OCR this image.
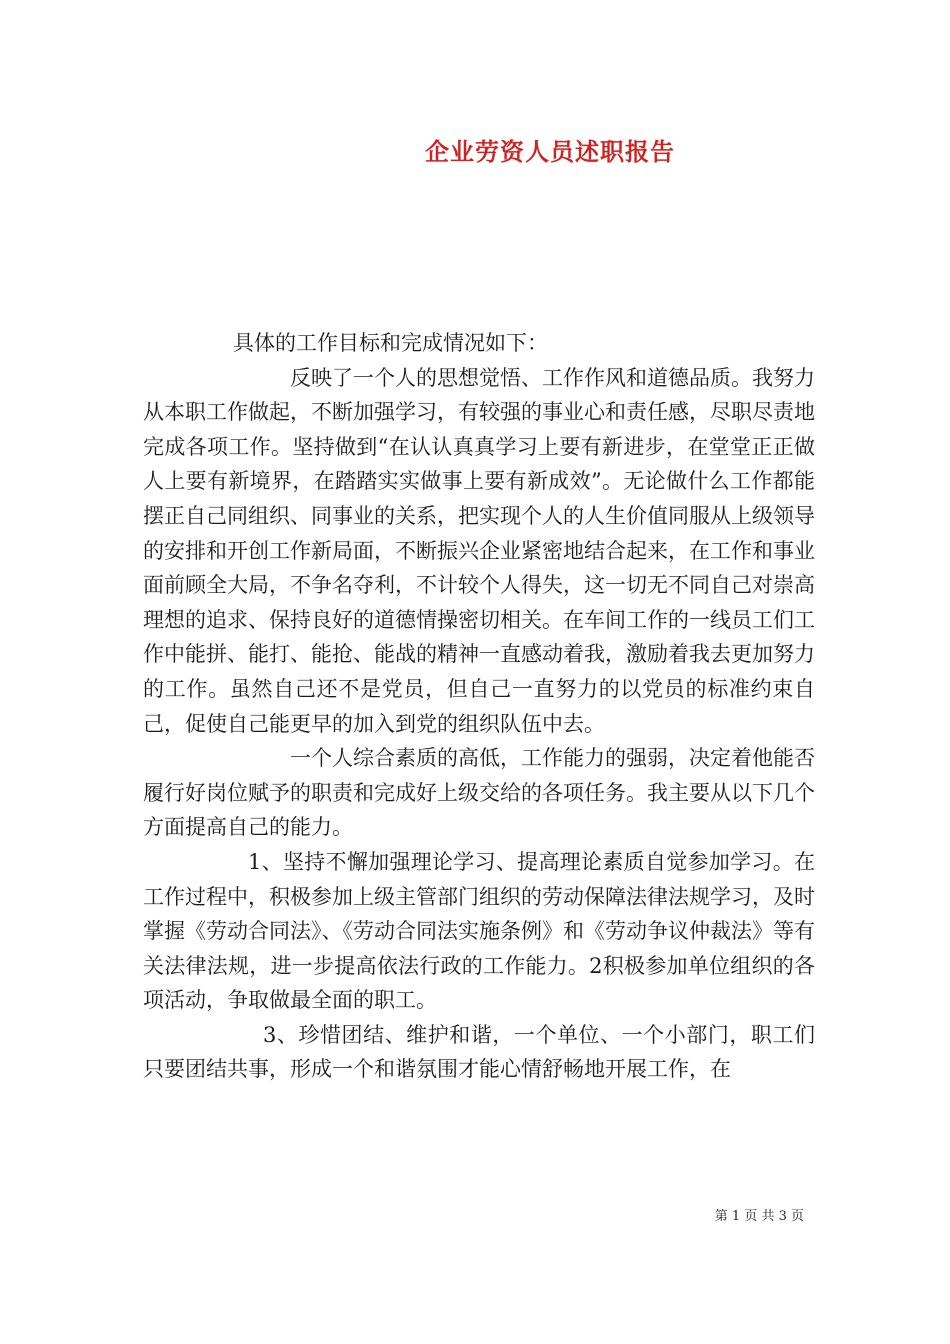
企业劳资人员述职报告

具体的工作目标和完成情况如下：

反映了一个人的思想觉悟、工作作风和道德品质。我努力从本职工作做起，不断加强学习，有较强的事业心和责任感，尽职尽责地完成各项工作。坚持做到“在认认真真学习上要有新进步，在堂堂正正做人上要有新境界，在踏踏实实做事上要有新成效”。无论做什么工作都能摆正自己同组织、同事业的关系，把实现个人的人生价值同服从上级领导的安排和开创工作新局面，不断振兴企业紧密地结合起来，在工作和事业面前顾全大局，不争名夺利，不计较个人得失，这一切无不同自己对崇高理想的追求、保持良好的道德情操密切相关。在车间工作的一线员工们工作中能拼、能打、能抢、能战的精神一直感动着我，激励着我去更加努力的工作。虽然自己还不是党员，但自己一直努力的以党员的标准约束自己，促使自己能更早的加入到党的组织队伍中去。

一个人综合素质的高低，工作能力的强弱，决定着他能否履行好岗位赋予的职责和完成好上级交给的各项任务。我主要从以下几个方面提高自己的能力。

1、坚持不懈加强理论学习、提高理论素质自觉参加学习。在工作过程中，积极参加上级主管部门组织的劳动保障法律法规学习，及时掌握《劳动合同法》、《劳动合同法实施条例》和《劳动争议仲裁法》等有关法律法规，进一步提高依法行政的工作能力。2积极参加单位组织的各项活动，争取做最全面的职工。

3、珍惜团结、维护和谐，一个单位、一个小部门，职工们只要团结共事，形成一个和谐氛围才能心情舒畅地开展工作，在

第 1 页 共 3 页
